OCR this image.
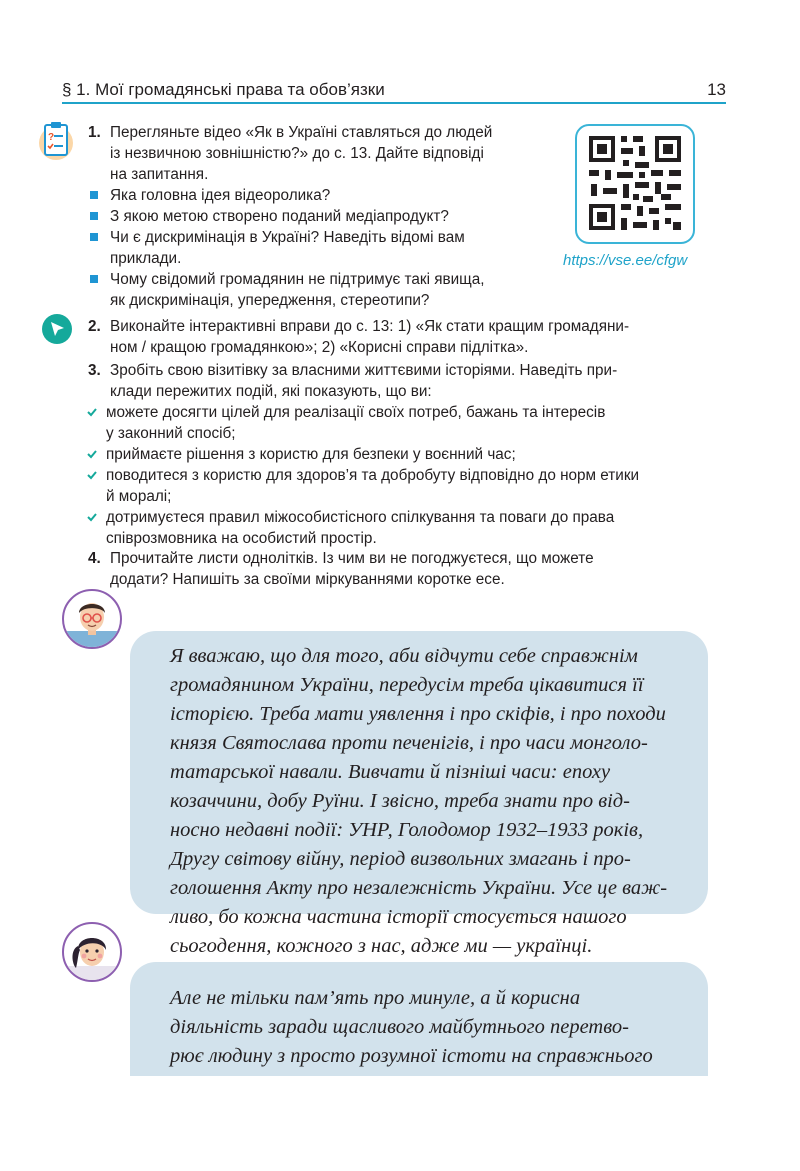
§ 1. Мої громадянські права та обов’язки	13
? 1. Перегляньте відео «Як в Україні ставляться до людей
із незвичною зовнішністю?» до с. 13. Дайте відповіді
на запитання.
Яка головна ідея відеоролика?
З якою метою створено поданий медіапродукт?
Чи є дискримінація в Україні? Наведіть відомі вам
приклади.
Чому свідомий громадянин не підтримує такі явища,
як дискримінація, упередження, стереотипи?
https://vse.ee/cfgw
2. Виконайте інтерактивні вправи до с. 13: 1) «Як стати кращим громадяни-
ном / кращою громадянкою»; 2) «Корисні справи підлітка».
3. Зробіть свою візитівку за власними життєвими історіями. Наведіть при-
клади пережитих подій, які показують, що ви:
можете досягти цілей для реалізації своїх потреб, бажань та інтересів
у законний спосіб;
приймаєте рішення з користю для безпеки у воєнний час;
поводитеся з користю для здоров’я та добробуту відповідно до норм етики
й моралі;
дотримуєтеся правил міжособистісного спілкування та поваги до права
співрозмовника на особистий простір.
4. Прочитайте листи однолітків. Із чим ви не погоджуєтеся, що можете
додати? Напишіть за своїми міркуваннями коротке есе.

Я вважаю, що для того, аби відчути себе справжнім

громадянином України, передусім треба цікавитися її

історією. Треба мати уявлення і про скіфів, і про походи

князя Святослава проти печенігів, і про часи монголо-

татарської навали. Вивчати й пізніші часи: епоху

козаччини, добу Руїни. І звісно, треба знати про від-

носно недавні події: УНР, Голодомор 1932–1933 років,

Другу світову війну, період визвольних змагань і про-

голошення Акту про незалежність України. Усе це важ-

ливо, бо кожна частина історії стосується нашого

сьогодення, кожного з нас, адже ми — українці.

Але не тільки пам’ять про минуле, а й корисна

діяльність заради щасливого майбутнього перетво-

рює людину з просто розумної істоти на справжнього
